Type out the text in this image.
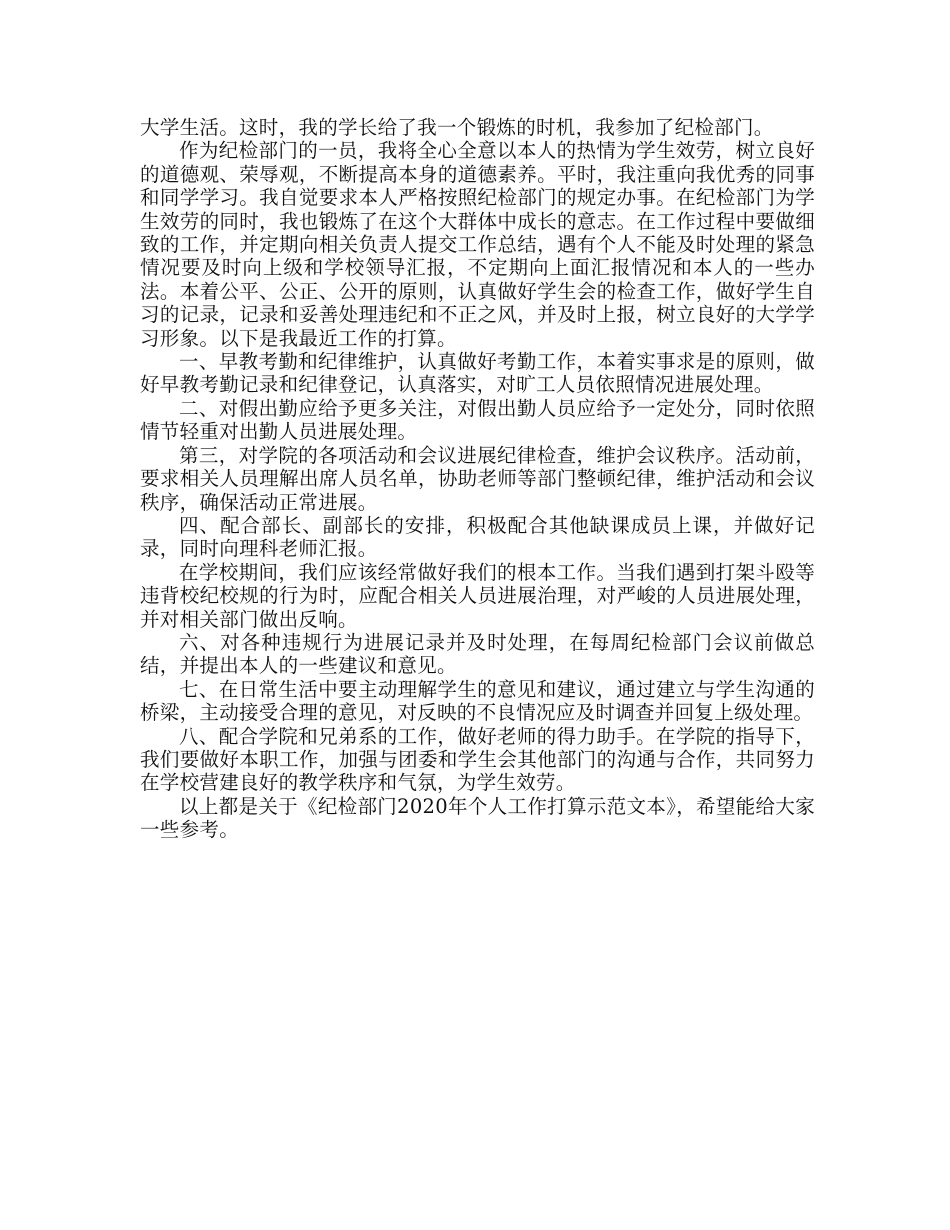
大学生活。这时，我的学长给了我一个锻炼的时机，我参加了纪检部门。

作为纪检部门的一员，我将全心全意以本人的热情为学生效劳，树立良好的道德观、荣辱观，不断提高本身的道德素养。平时，我注重向我优秀的同事和同学学习。我自觉要求本人严格按照纪检部门的规定办事。在纪检部门为学生效劳的同时，我也锻炼了在这个大群体中成长的意志。在工作过程中要做细致的工作，并定期向相关负责人提交工作总结，遇有个人不能及时处理的紧急情况要及时向上级和学校领导汇报，不定期向上面汇报情况和本人的一些办法。本着公平、公正、公开的原则，认真做好学生会的检查工作，做好学生自习的记录，记录和妥善处理违纪和不正之风，并及时上报，树立良好的大学学习形象。以下是我最近工作的打算。

一、早教考勤和纪律维护，认真做好考勤工作，本着实事求是的原则，做好早教考勤记录和纪律登记，认真落实，对旷工人员依照情况进展处理。

二、对假出勤应给予更多关注，对假出勤人员应给予一定处分，同时依照情节轻重对出勤人员进展处理。

第三，对学院的各项活动和会议进展纪律检查，维护会议秩序。活动前，要求相关人员理解出席人员名单，协助老师等部门整顿纪律，维护活动和会议秩序，确保活动正常进展。

四、配合部长、副部长的安排，积极配合其他缺课成员上课，并做好记录，同时向理科老师汇报。

在学校期间，我们应该经常做好我们的根本工作。当我们遇到打架斗殴等违背校纪校规的行为时，应配合相关人员进展治理，对严峻的人员进展处理，并对相关部门做出反响。

六、对各种违规行为进展记录并及时处理，在每周纪检部门会议前做总结，并提出本人的一些建议和意见。

七、在日常生活中要主动理解学生的意见和建议，通过建立与学生沟通的桥梁，主动接受合理的意见，对反映的不良情况应及时调查并回复上级处理。

八、配合学院和兄弟系的工作，做好老师的得力助手。在学院的指导下，我们要做好本职工作，加强与团委和学生会其他部门的沟通与合作，共同努力在学校营建良好的教学秩序和气氛，为学生效劳。

以上都是关于《纪检部门2020年个人工作打算示范文本》，希望能给大家一些参考。
